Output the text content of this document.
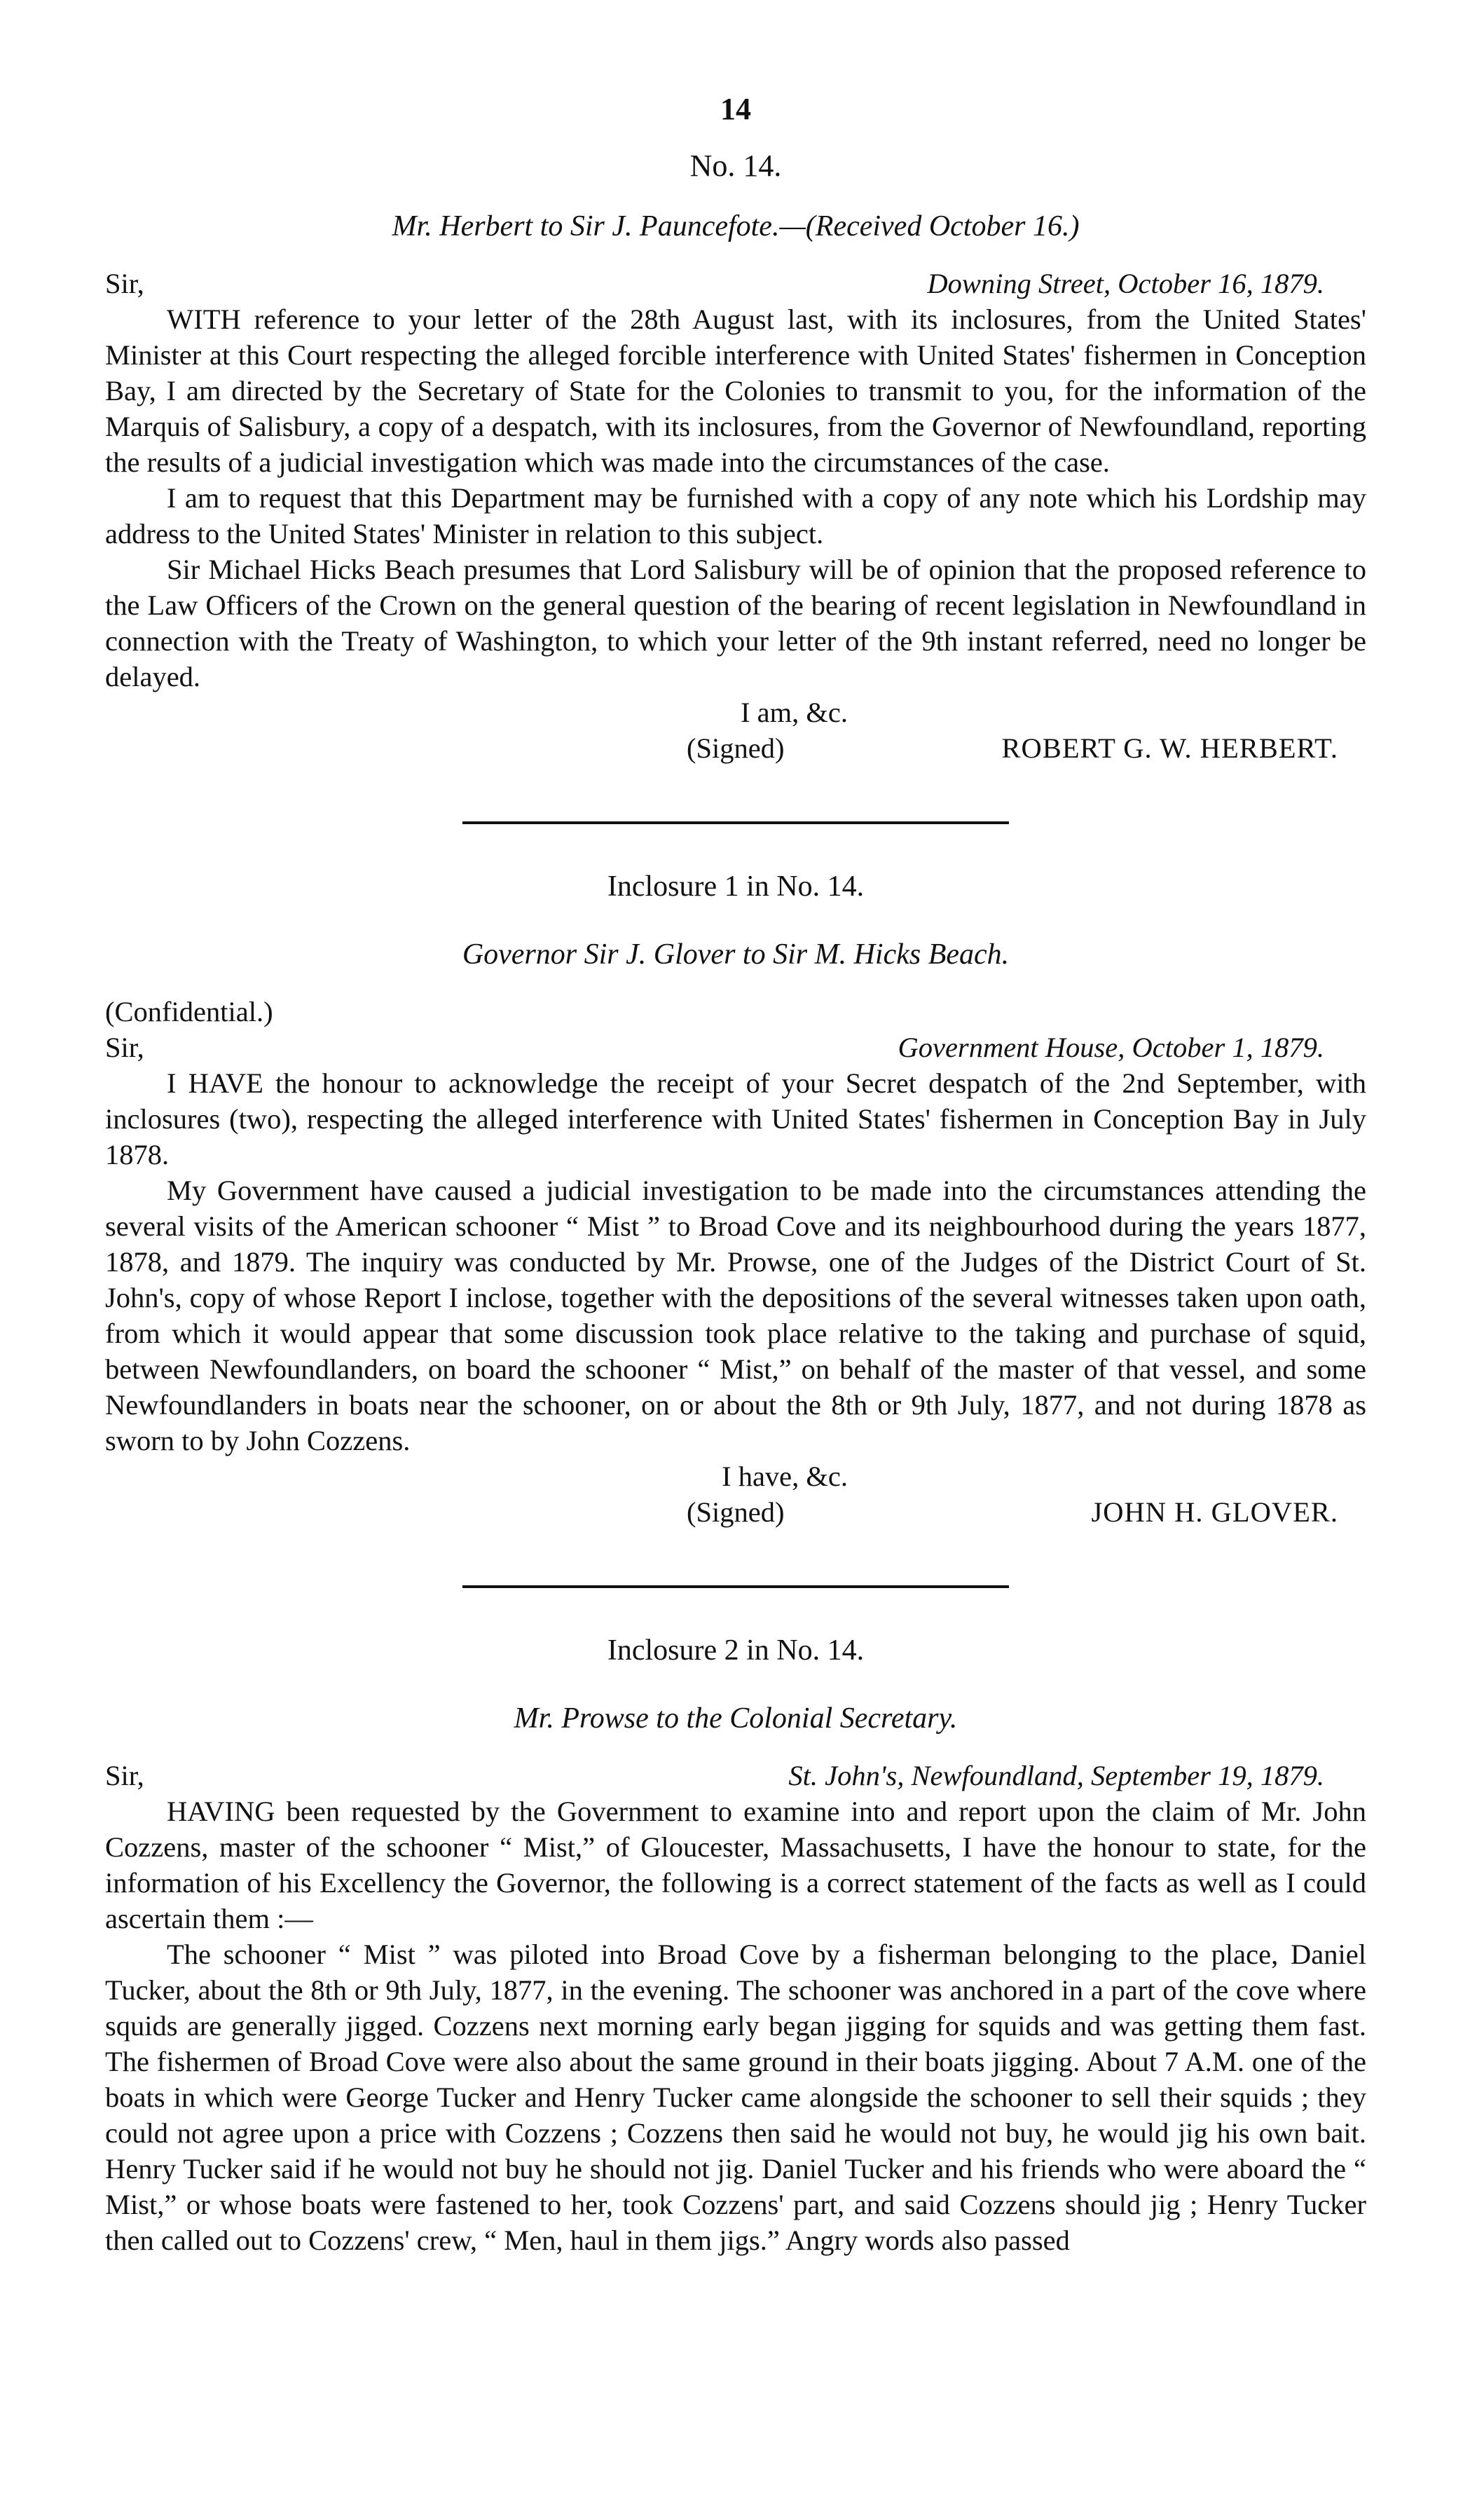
14
No. 14.
Mr. Herbert to Sir J. Pauncefote.—(Received October 16.)
Sir,	Downing Street, October 16, 1879.

WITH reference to your letter of the 28th August last, with its inclosures, from the United States' Minister at this Court respecting the alleged forcible interference with United States' fishermen in Conception Bay, I am directed by the Secretary of State for the Colonies to transmit to you, for the information of the Marquis of Salisbury, a copy of a despatch, with its inclosures, from the Governor of Newfoundland, reporting the results of a judicial investigation which was made into the circumstances of the case.

I am to request that this Department may be furnished with a copy of any note which his Lordship may address to the United States' Minister in relation to this subject.

Sir Michael Hicks Beach presumes that Lord Salisbury will be of opinion that the proposed reference to the Law Officers of the Crown on the general question of the bearing of recent legislation in Newfoundland in connection with the Treaty of Washington, to which your letter of the 9th instant referred, need no longer be delayed.

I am, &c.
(Signed)	ROBERT G. W. HERBERT.
Inclosure 1 in No. 14.
Governor Sir J. Glover to Sir M. Hicks Beach.
(Confidential.)
Sir,	Government House, October 1, 1879.

I HAVE the honour to acknowledge the receipt of your Secret despatch of the 2nd September, with inclosures (two), respecting the alleged interference with United States' fishermen in Conception Bay in July 1878.

My Government have caused a judicial investigation to be made into the circumstances attending the several visits of the American schooner “ Mist ” to Broad Cove and its neighbourhood during the years 1877, 1878, and 1879. The inquiry was conducted by Mr. Prowse, one of the Judges of the District Court of St. John's, copy of whose Report I inclose, together with the depositions of the several witnesses taken upon oath, from which it would appear that some discussion took place relative to the taking and purchase of squid, between Newfoundlanders, on board the schooner “ Mist,” on behalf of the master of that vessel, and some Newfoundlanders in boats near the schooner, on or about the 8th or 9th July, 1877, and not during 1878 as sworn to by John Cozzens.

I have, &c.
(Signed)	JOHN H. GLOVER.
Inclosure 2 in No. 14.
Mr. Prowse to the Colonial Secretary.
Sir,	St. John's, Newfoundland, September 19, 1879.

HAVING been requested by the Government to examine into and report upon the claim of Mr. John Cozzens, master of the schooner “ Mist,” of Gloucester, Massachusetts, I have the honour to state, for the information of his Excellency the Governor, the following is a correct statement of the facts as well as I could ascertain them :—

The schooner “ Mist ” was piloted into Broad Cove by a fisherman belonging to the place, Daniel Tucker, about the 8th or 9th July, 1877, in the evening. The schooner was anchored in a part of the cove where squids are generally jigged. Cozzens next morning early began jigging for squids and was getting them fast. The fishermen of Broad Cove were also about the same ground in their boats jigging. About 7 A.M. one of the boats in which were George Tucker and Henry Tucker came alongside the schooner to sell their squids ; they could not agree upon a price with Cozzens ; Cozzens then said he would not buy, he would jig his own bait. Henry Tucker said if he would not buy he should not jig. Daniel Tucker and his friends who were aboard the “ Mist,” or whose boats were fastened to her, took Cozzens' part, and said Cozzens should jig ; Henry Tucker then called out to Cozzens' crew, “ Men, haul in them jigs.” Angry words also passed
